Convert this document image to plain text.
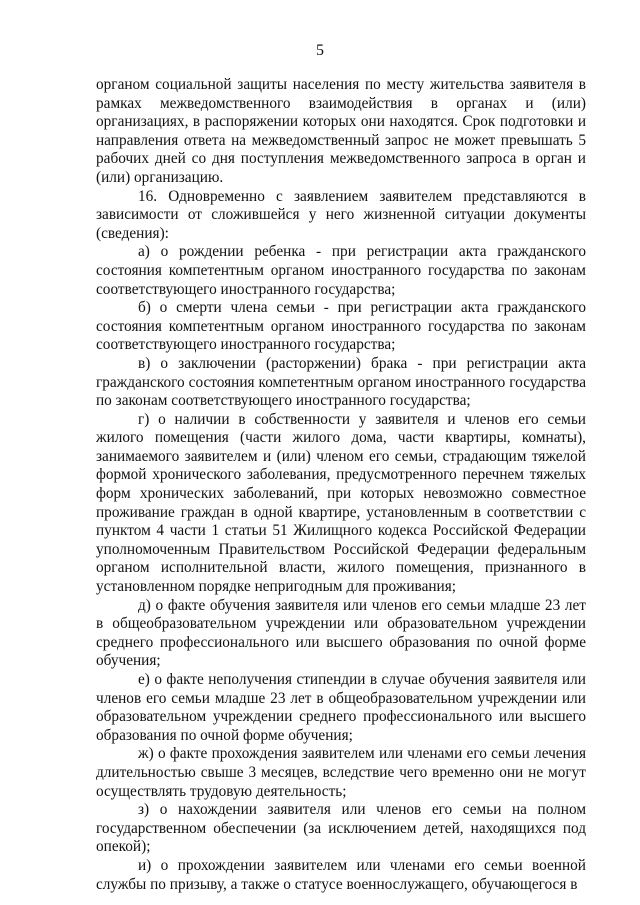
5

органом социальной защиты населения по месту жительства заявителя в рамках межведомственного взаимодействия в органах и (или) организациях, в распоряжении которых они находятся. Срок подготовки и направления ответа на межведомственный запрос не может превышать 5 рабочих дней со дня поступления межведомственного запроса в орган и (или) организацию.

16. Одновременно с заявлением заявителем представляются в зависимости от сложившейся у него жизненной ситуации документы (сведения):

а) о рождении ребенка - при регистрации акта гражданского состояния компетентным органом иностранного государства по законам соответствующего иностранного государства;

б) о смерти члена семьи - при регистрации акта гражданского состояния компетентным органом иностранного государства по законам соответствующего иностранного государства;

в) о заключении (расторжении) брака - при регистрации акта гражданского состояния компетентным органом иностранного государства по законам соответствующего иностранного государства;

г) о наличии в собственности у заявителя и членов его семьи жилого помещения (части жилого дома, части квартиры, комнаты), занимаемого заявителем и (или) членом его семьи, страдающим тяжелой формой хронического заболевания, предусмотренного перечнем тяжелых форм хронических заболеваний, при которых невозможно совместное проживание граждан в одной квартире, установленным в соответствии с пунктом 4 части 1 статьи 51 Жилищного кодекса Российской Федерации уполномоченным Правительством Российской Федерации федеральным органом исполнительной власти, жилого помещения, признанного в установленном порядке непригодным для проживания;

д) о факте обучения заявителя или членов его семьи младше 23 лет в общеобразовательном учреждении или образовательном учреждении среднего профессионального или высшего образования по очной форме обучения;

е) о факте неполучения стипендии в случае обучения заявителя или членов его семьи младше 23 лет в общеобразовательном учреждении или образовательном учреждении среднего профессионального или высшего образования по очной форме обучения;

ж) о факте прохождения заявителем или членами его семьи лечения длительностью свыше 3 месяцев, вследствие чего временно они не могут осуществлять трудовую деятельность;

з) о нахождении заявителя или членов его семьи на полном государственном обеспечении (за исключением детей, находящихся под опекой);

и) о прохождении заявителем или членами его семьи военной службы по призыву, а также о статусе военнослужащего, обучающегося в
